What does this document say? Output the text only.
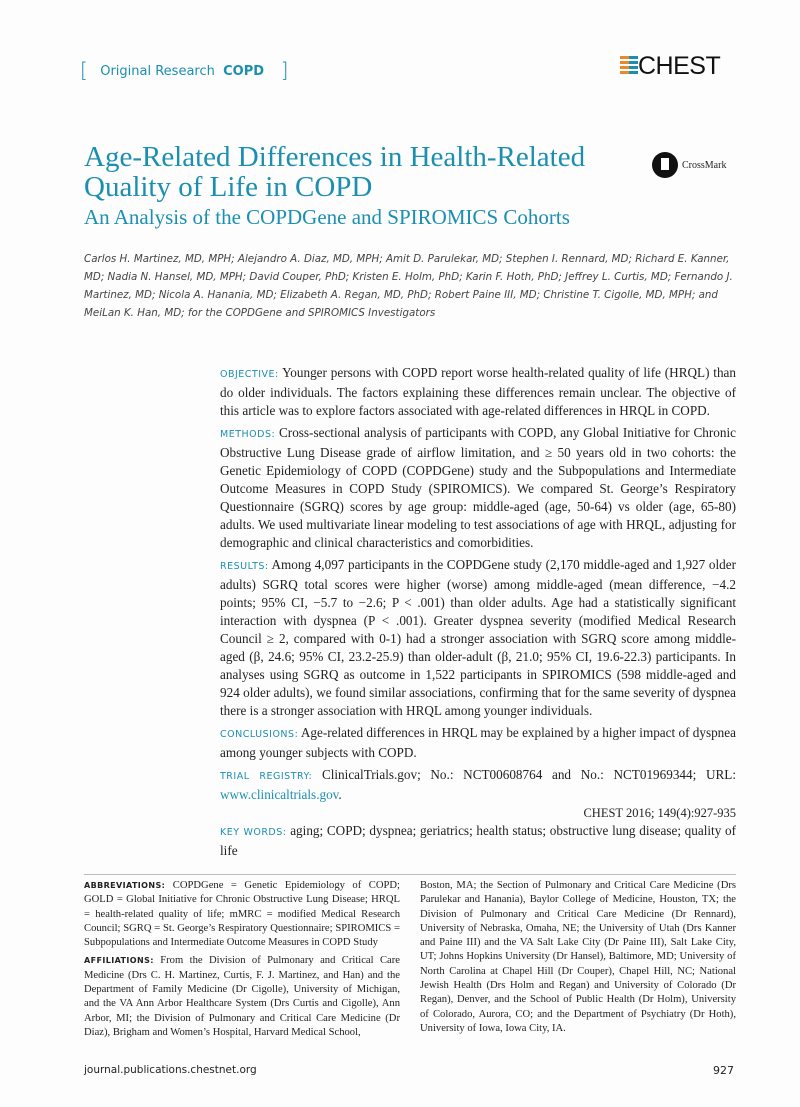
[ Original Research COPD ]	CHEST
CrossMark
Age-Related Differences in Health-Related Quality of Life in COPD
An Analysis of the COPDGene and SPIROMICS Cohorts
Carlos H. Martinez, MD, MPH; Alejandro A. Diaz, MD, MPH; Amit D. Parulekar, MD; Stephen I. Rennard, MD; Richard E. Kanner, MD; Nadia N. Hansel, MD, MPH; David Couper, PhD; Kristen E. Holm, PhD; Karin F. Hoth, PhD; Jeffrey L. Curtis, MD; Fernando J. Martinez, MD; Nicola A. Hanania, MD; Elizabeth A. Regan, MD, PhD; Robert Paine III, MD; Christine T. Cigolle, MD, MPH; and MeiLan K. Han, MD; for the COPDGene and SPIROMICS Investigators

OBJECTIVE: Younger persons with COPD report worse health-related quality of life (HRQL) than do older individuals. The factors explaining these differences remain unclear. The objective of this article was to explore factors associated with age-related differences in HRQL in COPD.

METHODS: Cross-sectional analysis of participants with COPD, any Global Initiative for Chronic Obstructive Lung Disease grade of airflow limitation, and ≥ 50 years old in two cohorts: the Genetic Epidemiology of COPD (COPDGene) study and the Subpopulations and Intermediate Outcome Measures in COPD Study (SPIROMICS). We compared St. George’s Respiratory Questionnaire (SGRQ) scores by age group: middle-aged (age, 50-64) vs older (age, 65-80) adults. We used multivariate linear modeling to test associations of age with HRQL, adjusting for demographic and clinical characteristics and comorbidities.

RESULTS: Among 4,097 participants in the COPDGene study (2,170 middle-aged and 1,927 older adults) SGRQ total scores were higher (worse) among middle-aged (mean difference, −4.2 points; 95% CI, −5.7 to −2.6; P < .001) than older adults. Age had a statistically significant interaction with dyspnea (P < .001). Greater dyspnea severity (modified Medical Research Council ≥ 2, compared with 0-1) had a stronger association with SGRQ score among middle-aged (β, 24.6; 95% CI, 23.2-25.9) than older-adult (β, 21.0; 95% CI, 19.6-22.3) participants. In analyses using SGRQ as outcome in 1,522 participants in SPIROMICS (598 middle-aged and 924 older adults), we found similar associations, confirming that for the same severity of dyspnea there is a stronger association with HRQL among younger individuals.

CONCLUSIONS: Age-related differences in HRQL may be explained by a higher impact of dyspnea among younger subjects with COPD.

TRIAL REGISTRY: ClinicalTrials.gov; No.: NCT00608764 and No.: NCT01969344; URL: www.clinicaltrials.gov.
CHEST 2016; 149(4):927-935

KEY WORDS: aging; COPD; dyspnea; geriatrics; health status; obstructive lung disease; quality of life

ABBREVIATIONS: COPDGene = Genetic Epidemiology of COPD; GOLD = Global Initiative for Chronic Obstructive Lung Disease; HRQL = health-related quality of life; mMRC = modified Medical Research Council; SGRQ = St. George’s Respiratory Questionnaire; SPIROMICS = Subpopulations and Intermediate Outcome Measures in COPD Study

AFFILIATIONS: From the Division of Pulmonary and Critical Care Medicine (Drs C. H. Martinez, Curtis, F. J. Martinez, and Han) and the Department of Family Medicine (Dr Cigolle), University of Michigan, and the VA Ann Arbor Healthcare System (Drs Curtis and Cigolle), Ann Arbor, MI; the Division of Pulmonary and Critical Care Medicine (Dr Diaz), Brigham and Women’s Hospital, Harvard Medical School,

Boston, MA; the Section of Pulmonary and Critical Care Medicine (Drs Parulekar and Hanania), Baylor College of Medicine, Houston, TX; the Division of Pulmonary and Critical Care Medicine (Dr Rennard), University of Nebraska, Omaha, NE; the University of Utah (Drs Kanner and Paine III) and the VA Salt Lake City (Dr Paine III), Salt Lake City, UT; Johns Hopkins University (Dr Hansel), Baltimore, MD; University of North Carolina at Chapel Hill (Dr Couper), Chapel Hill, NC; National Jewish Health (Drs Holm and Regan) and University of Colorado (Dr Regan), Denver, and the School of Public Health (Dr Holm), University of Colorado, Aurora, CO; and the Department of Psychiatry (Dr Hoth), University of Iowa, Iowa City, IA.

journal.publications.chestnet.org	927
